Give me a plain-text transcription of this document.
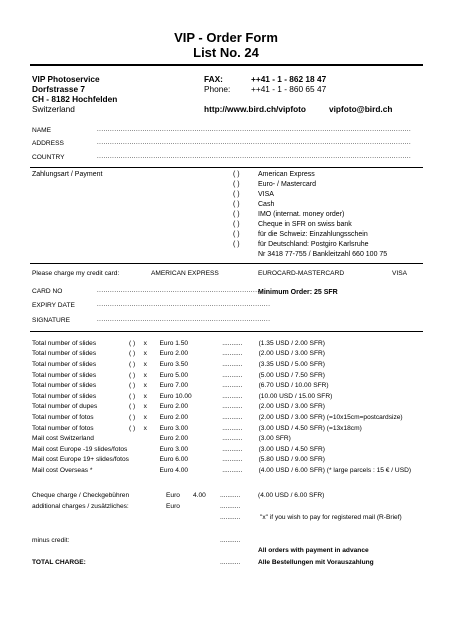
VIP - Order Form
List No. 24
VIP Photoservice
Dorfstrasse 7
CH - 8182 Hochfelden
Switzerland
FAX:	++41 - 1 - 862 18 47
Phone: ++41 - 1 - 860 65 47
http://www.bird.ch/vipfoto	vipfoto@bird.ch
NAME	.................................................................................................................................................
ADDRESS	.................................................................................................................................................
COUNTRY	.................................................................................................................................................
Zahlungsart / Payment	( )	American Express
( )	Euro- / Mastercard
( )	VISA
( )	Cash
( )	IMO (internat. money order)
( )	Cheque in SFR on swiss bank
( )	für die Schweiz: Einzahlungsschein
( )	für Deutschland: Postgiro Karlsruhe
Nr 3418 77-755 / Bankleitzahl 660 100 75
Please charge my credit card:	AMERICAN EXPRESS	EUROCARD-MASTERCARD	VISA
CARD NO	................................................................................
Minimum Order: 25 SFR
EXPIRY DATE	................................................................................
SIGNATURE	................................................................................
Total number of slides	( )	x	Euro	1.50		...........	(1.35 USD / 2.00 SFR)
Total number of slides	( )	x	Euro	2.00		...........	(2.00 USD / 3.00 SFR)
Total number of slides	( )	x	Euro	3.50		...........	(3.35 USD / 5.00 SFR)
Total number of slides	( )	x	Euro	5.00		...........	(5.00 USD / 7.50 SFR)
Total number of slides	( )	x	Euro	7.00		...........	(6.70 USD / 10.00 SFR)
Total number of slides	( )	x	Euro	10.00		...........	(10.00 USD / 15.00 SFR)
Total number of dupes	( )	x	Euro	2.00		...........	(2.00 USD / 3.00 SFR)
Total number of fotos	( )	x	Euro	2.00		...........	(2.00 USD / 3.00 SFR) (=10x15cm=postcardsize)
Total number of fotos	( )	x	Euro	3.00		...........	(3.00 USD / 4.50 SFR) (=13x18cm)
Mail cost Switzerland			Euro	2.00		...........	(3.00 SFR)
Mail cost Europe -19 slides/fotos			Euro	3.00		...........	(3.00 USD / 4.50 SFR)
Mail cost Europe 19+ slides/fotos			Euro	6.00		...........	(5.80 USD / 9.00 SFR)
Mail cost Overseas *			Euro	4.00		...........	(4.00 USD / 6.00 SFR) (* large parcels : 15 € / USD)
Cheque charge / Checkgebühren	Euro 4.00 ...........	(4.00 USD / 6.00 SFR)
additional charges / zusätzliches:	Euro	...........
...........	"x" if you wish to pay for registered mail (R-Brief)
minus credit:	...........
All orders with payment in advance
TOTAL CHARGE:	...........	Alle Bestellungen mit Vorauszahlung
